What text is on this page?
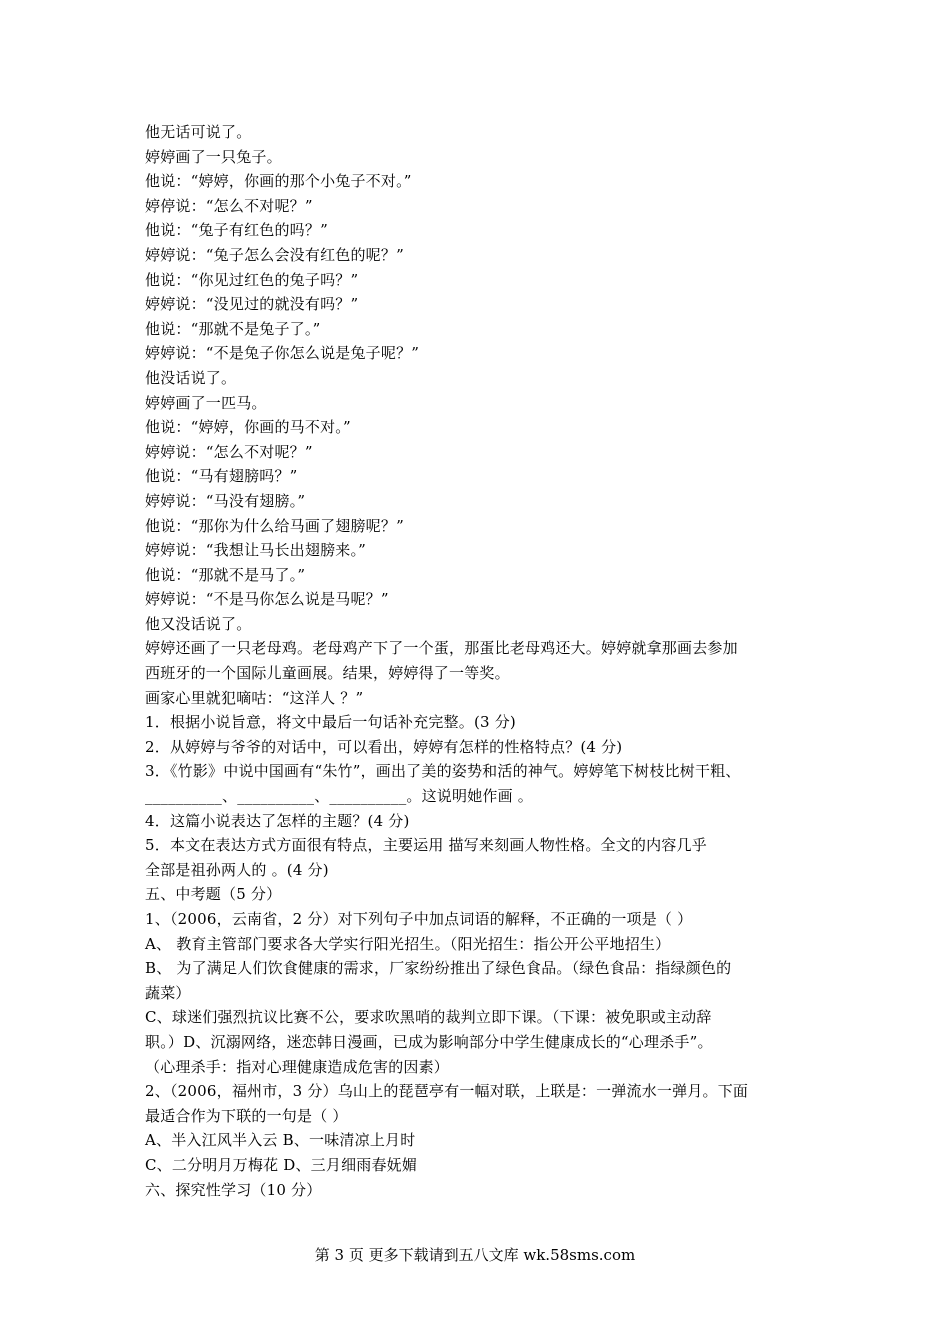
他无话可说了。
婷婷画了一只兔子。
他说：“婷婷，你画的那个小兔子不对。”
婷停说：“怎么不对呢？”
他说：“兔子有红色的吗？”
婷婷说：“兔子怎么会没有红色的呢？”
他说：“你见过红色的兔子吗？”
婷婷说：“没见过的就没有吗？”
他说：“那就不是兔子了。”
婷婷说：“不是兔子你怎么说是兔子呢？”
他没话说了。
婷婷画了一匹马。
他说：“婷婷，你画的马不对。”
婷婷说：“怎么不对呢？”
他说：“马有翅膀吗？”
婷婷说：“马没有翅膀。”
他说：“那你为什么给马画了翅膀呢？”
婷婷说：“我想让马长出翅膀来。”
他说：“那就不是马了。”
婷婷说：“不是马你怎么说是马呢？”
他又没话说了。
婷婷还画了一只老母鸡。老母鸡产下了一个蛋，那蛋比老母鸡还大。婷婷就拿那画去参加
西班牙的一个国际儿童画展。结果，婷婷得了一等奖。
画家心里就犯嘀咕：“这洋人 ？”
1．根据小说旨意，将文中最后一句话补充完整。(3 分)
2．从婷婷与爷爷的对话中，可以看出，婷婷有怎样的性格特点？(4 分)
3．《竹影》中说中国画有“朱竹”，画出了美的姿势和活的神气。婷婷笔下树枝比树干粗、
__________、__________、__________。这说明她作画 。
4．这篇小说表达了怎样的主题？(4 分)
5．本文在表达方式方面很有特点，主要运用 描写来刻画人物性格。全文的内容几乎
全部是祖孙两人的 。(4 分)
五、中考题（5 分）
1、（2006，云南省，2 分）对下列句子中加点词语的解释，不正确的一项是（ ）
A、 教育主管部门要求各大学实行阳光招生。（阳光招生：指公开公平地招生）
B、 为了满足人们饮食健康的需求，厂家纷纷推出了绿色食品。（绿色食品：指绿颜色的
蔬菜）
C、球迷们强烈抗议比赛不公，要求吹黑哨的裁判立即下课。（下课：被免职或主动辞
职。）D、沉溺网络，迷恋韩日漫画，已成为影响部分中学生健康成长的“心理杀手”。
（心理杀手：指对心理健康造成危害的因素）
2、（2006，福州市，3 分）乌山上的琵琶亭有一幅对联，上联是：一弹流水一弹月。下面
最适合作为下联的一句是（ ）
A、半入江风半入云 B、一味清凉上月时
C、二分明月万梅花 D、三月细雨春妩媚
六、探究性学习（10 分）
第 3 页 更多下载请到五八文库 wk.58sms.com
